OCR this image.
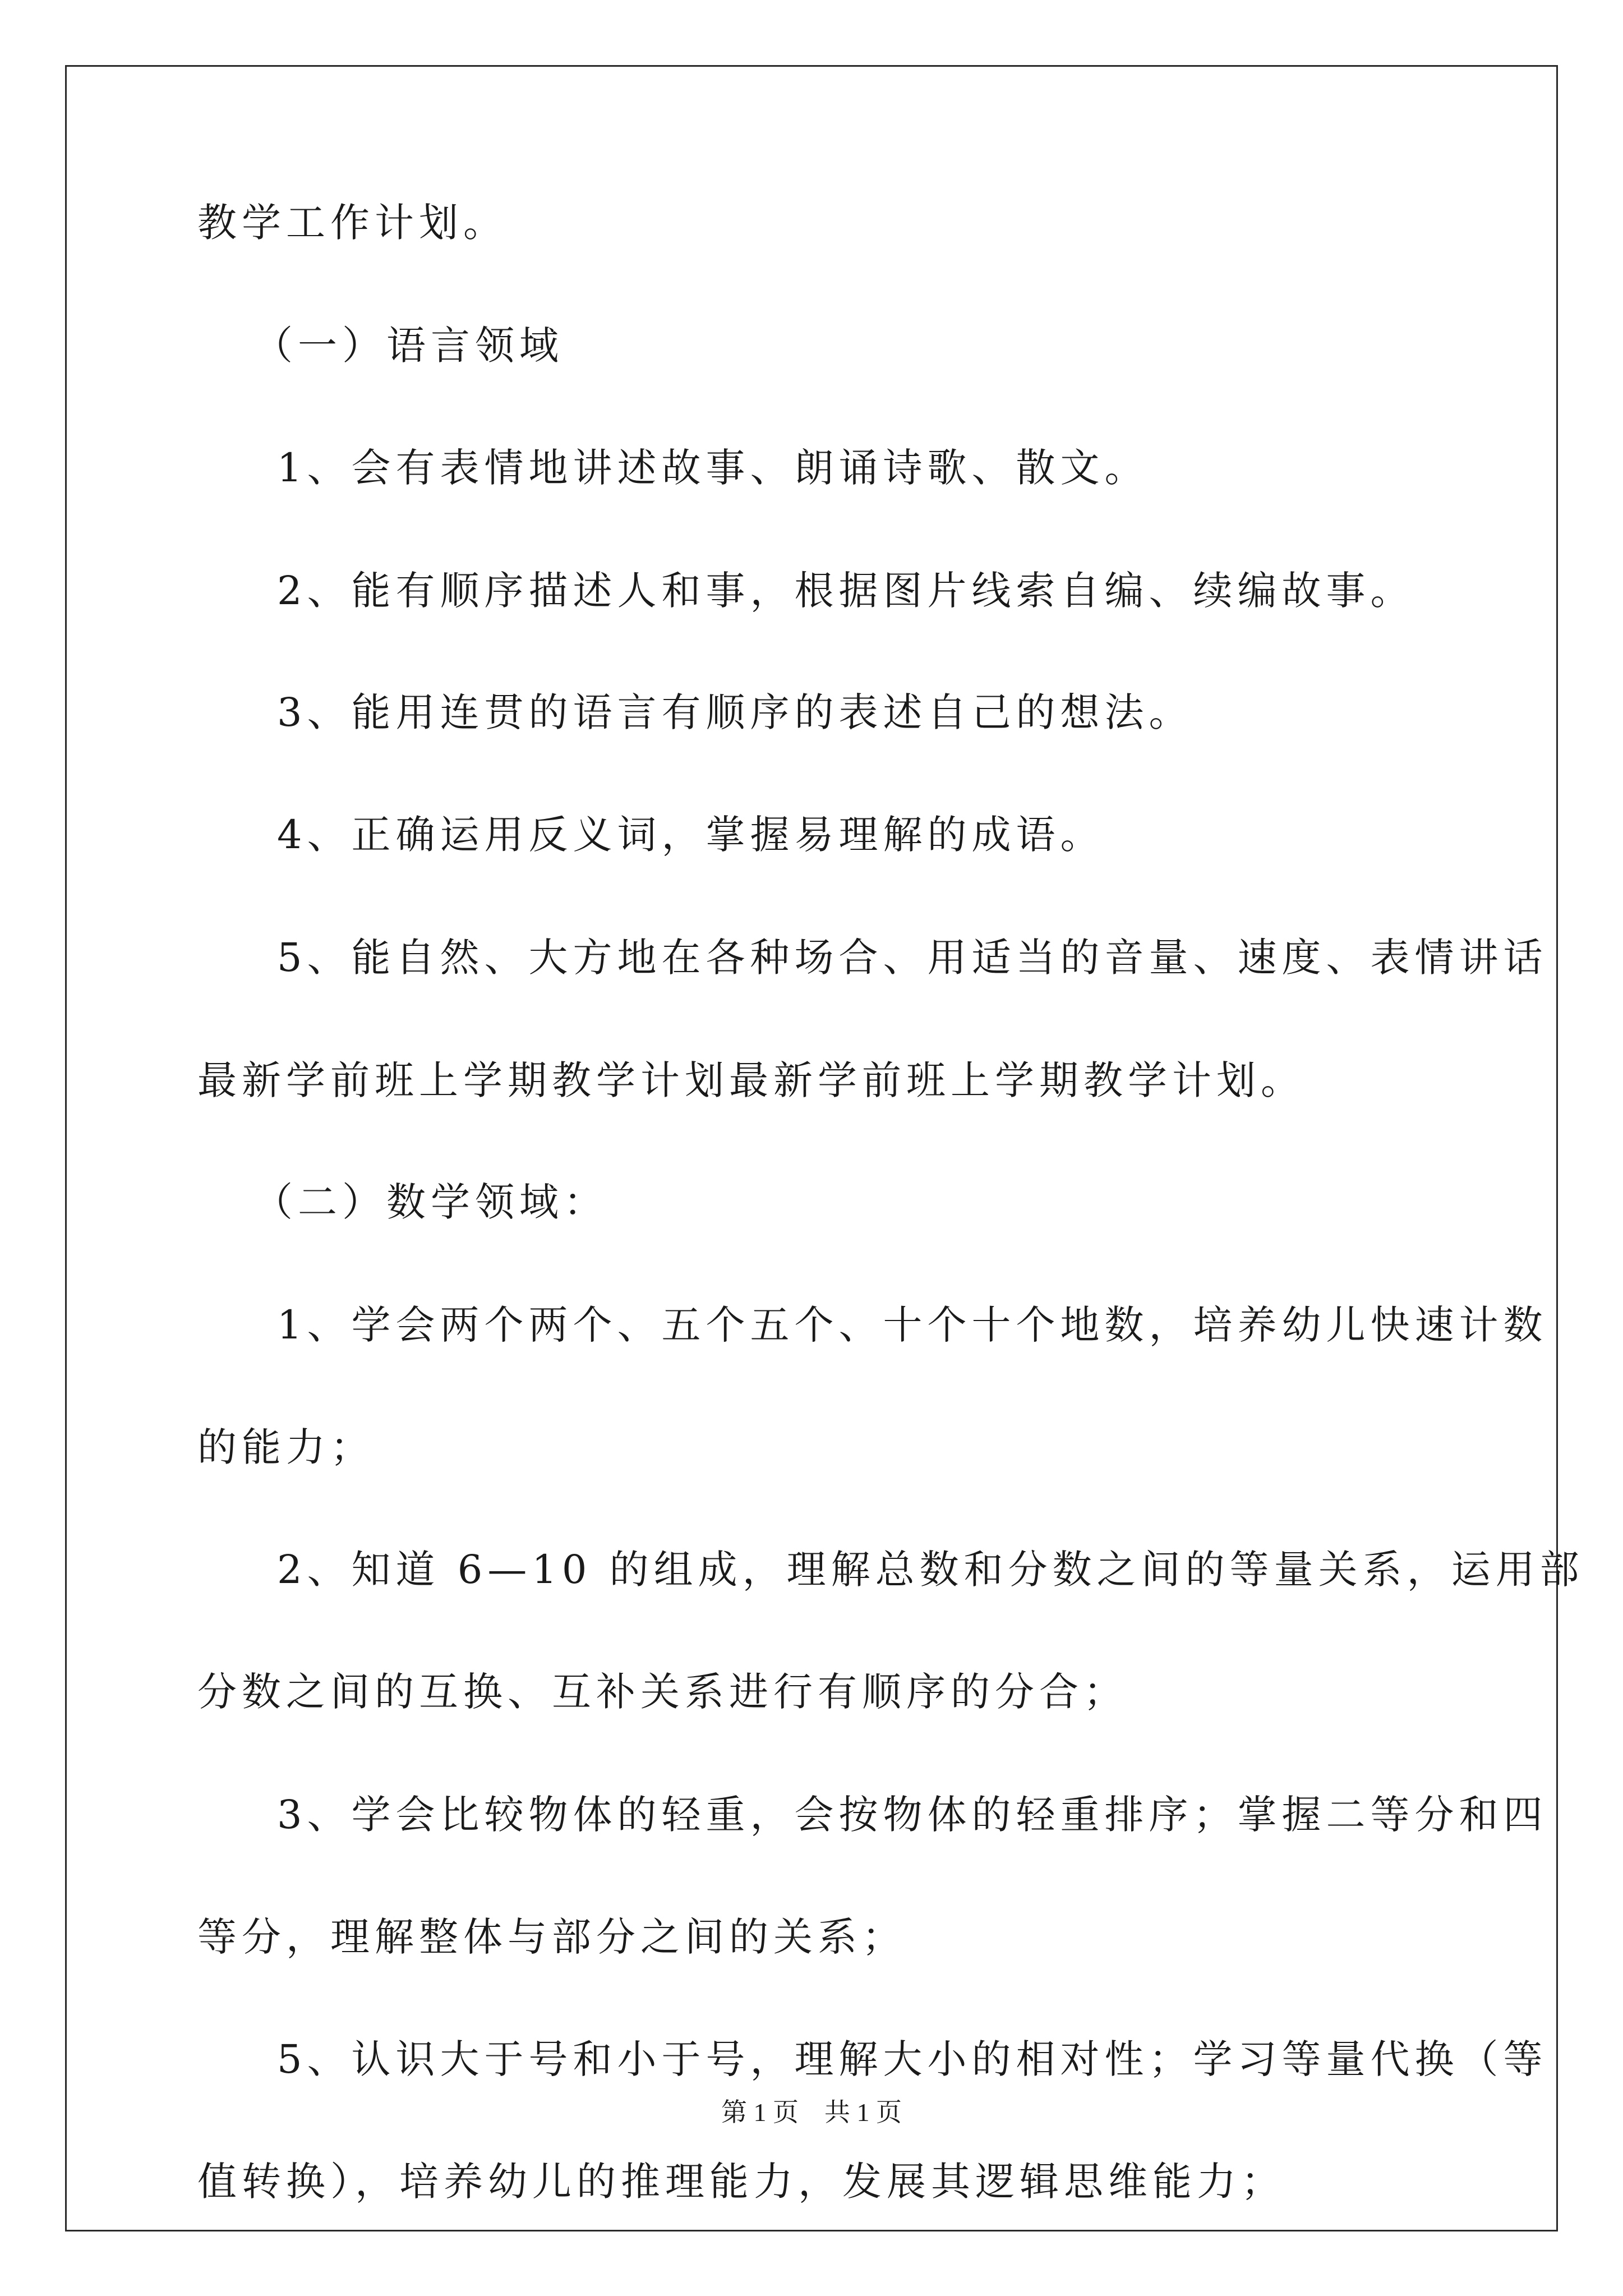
教学工作计划。
（一）语言领域
1、会有表情地讲述故事、朗诵诗歌、散文。
2、能有顺序描述人和事，根据图片线索自编、续编故事。
3、能用连贯的语言有顺序的表述自己的想法。
4、正确运用反义词，掌握易理解的成语。
5、能自然、大方地在各种场合、用适当的音量、速度、表情讲话
最新学前班上学期教学计划最新学前班上学期教学计划。
（二）数学领域：
1、学会两个两个、五个五个、十个十个地数，培养幼儿快速计数
的能力；
2、知道 6—10 的组成，理解总数和分数之间的等量关系，运用部
分数之间的互换、互补关系进行有顺序的分合；
3、学会比较物体的轻重，会按物体的轻重排序；掌握二等分和四
等分，理解整体与部分之间的关系；
5、认识大于号和小于号，理解大小的相对性；学习等量代换（等
值转换），培养幼儿的推理能力，发展其逻辑思维能力；
第 1 页    共 1 页
